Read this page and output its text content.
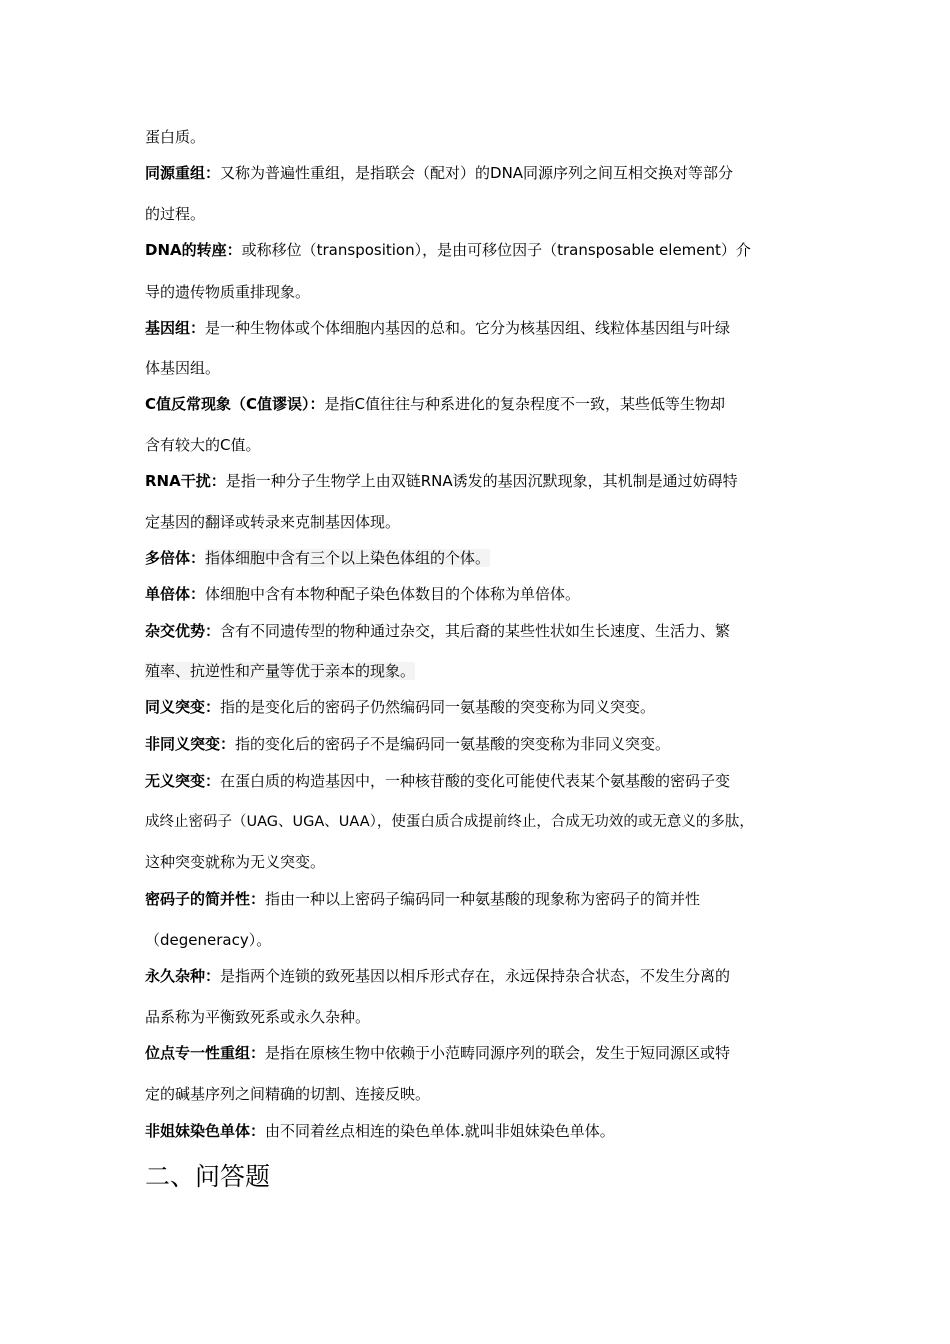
蛋白质。
同源重组：又称为普遍性重组，是指联会（配对）的DNA同源序列之间互相交换对等部分
的过程。
DNA的转座：或称移位（transposition），是由可移位因子（transposable element）介
导的遗传物质重排现象。
基因组：是一种生物体或个体细胞内基因的总和。它分为核基因组、线粒体基因组与叶绿
体基因组。
C值反常现象（C值谬误）：是指C值往往与种系进化的复杂程度不一致，某些低等生物却
含有较大的C值。
RNA干扰：是指一种分子生物学上由双链RNA诱发的基因沉默现象，其机制是通过妨碍特
定基因的翻译或转录来克制基因体现。
多倍体：指体细胞中含有三个以上染色体组的个体。
单倍体：体细胞中含有本物种配子染色体数目的个体称为单倍体。
杂交优势：含有不同遗传型的物种通过杂交，其后裔的某些性状如生长速度、生活力、繁
殖率、抗逆性和产量等优于亲本的现象。
同义突变：指的是变化后的密码子仍然编码同一氨基酸的突变称为同义突变。
非同义突变：指的变化后的密码子不是编码同一氨基酸的突变称为非同义突变。
无义突变：在蛋白质的构造基因中，一种核苷酸的变化可能使代表某个氨基酸的密码子变
成终止密码子（UAG、UGA、UAA），使蛋白质合成提前终止，合成无功效的或无意义的多肽，
这种突变就称为无义突变。
密码子的简并性：指由一种以上密码子编码同一种氨基酸的现象称为密码子的简并性
（degeneracy）。
永久杂种：是指两个连锁的致死基因以相斥形式存在，永远保持杂合状态，不发生分离的
品系称为平衡致死系或永久杂种。
位点专一性重组：是指在原核生物中依赖于小范畴同源序列的联会，发生于短同源区或特
定的碱基序列之间精确的切割、连接反映。
非姐妹染色单体：由不同着丝点相连的染色单体.就叫非姐妹染色单体。
二、问答题
